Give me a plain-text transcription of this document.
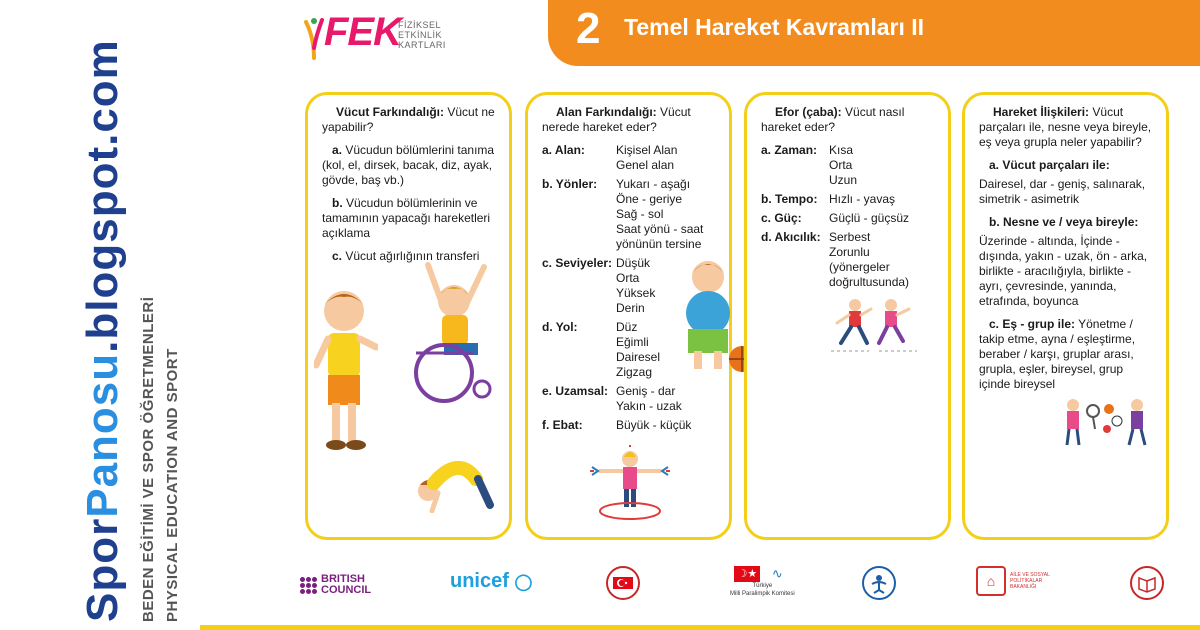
SporPanosu.blogspot.com
BEDEN EĞİTİMİ VE SPOR ÖĞRETMENLERİ PHYSICAL EDUCATION AND SPORT
FEK
FİZİKSEL
ETKİNLİK
KARTLARI	2 Temel Hareket Kavramları II
Vücut Farkındalığı: Vücut ne yapabilir?
a. Vücudun bölümlerini tanıma (kol, el, dirsek, bacak, diz, ayak, gövde, baş vb.)
b. Vücudun bölümlerinin ve tamamının yapacağı hareketleri açıklama
c. Vücut ağırlığının transferi
Alan Farkındalığı: Vücut nerede hareket eder?
a. Alan:	Kişisel Alan
Genel alan
b. Yönler:	Yukarı - aşağı
Öne - geriye
Sağ - sol
Saat yönü - saat yönünün tersine
c. Seviyeler: Düşük
Orta
Yüksek
Derin
d. Yol:	Düz
Eğimli
Dairesel
Zigzag
e. Uzamsal: Geniş - dar
Yakın - uzak
f. Ebat:	Büyük - küçük
Efor (çaba): Vücut nasıl hareket eder?
a. Zaman: Kısa
Orta
Uzun
b. Tempo: Hızlı - yavaş
c. Güç:	Güçlü - güçsüz
d. Akıcılık: Serbest
Zorunlu
(yönergeler doğrultusunda)
Hareket İlişkileri: Vücut parçaları ile, nesne veya bireyle, eş veya grupla neler yapabilir?
a. Vücut parçaları ile:
Dairesel, dar - geniş, salınarak, simetrik - asimetrik
b. Nesne ve / veya bireyle:
Üzerinde - altında, İçinde - dışında, yakın - uzak, ön - arka, birlikte - aracılığıyla, birlikte - ayrı, çevresinde, yanında, etrafında, boyunca
c. Eş - grup ile: Yönetme / takip etme, ayna / eşleştirme, beraber / karşı, gruplar arası, grupla, eşler, bireysel, grup içinde bireysel
BRITISH
COUNCIL	unicef ◯	☽★	∿
Türkiye
Milli Paralimpik Komitesi
⌂	AİLE VE SOSYAL POLİTİKALAR BAKANLIĞI
